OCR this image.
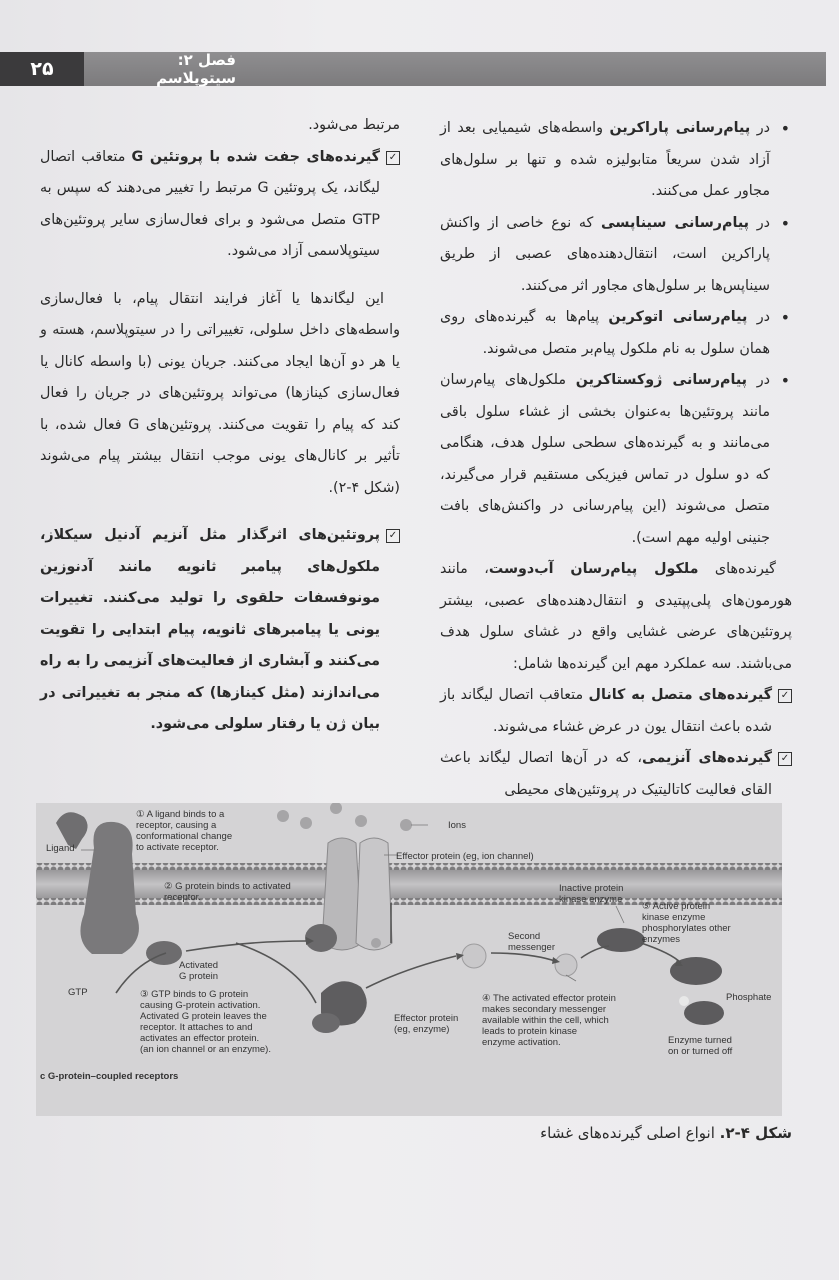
۲۵	فصل ۲: سیتوپلاسم

•
در پیام‌رسانی پاراکرین واسطه‌های شیمیایی بعد از آزاد شدن سریعاً متابولیزه شده و تنها بر سلول‌های مجاور عمل می‌کنند.

•
در پیام‌رسانی سیناپسی که نوع خاصی از واکنش پاراکرین است، انتقال‌دهنده‌های عصبی از طریق سیناپس‌ها بر سلول‌های مجاور اثر می‌کنند.

•
در پیام‌رسانی اتوکرین پیام‌ها به گیرنده‌های روی همان سلول به نام ملکول پیام‌بر متصل می‌شوند.

•
در پیام‌رسانی ژوکستاکرین ملکول‌های پیام‌رسان مانند پروتئین‌ها به‌عنوان بخشی از غشاء سلول باقی می‌مانند و به گیرنده‌های سطحی سلول هدف، هنگامی که دو سلول در تماس فیزیکی مستقیم قرار می‌گیرند، متصل می‌شوند (این پیام‌رسانی در واکنش‌های بافت جنینی اولیه مهم است).

گیرنده‌های ملکول پیام‌رسان آب‌دوست، مانند هورمون‌های پلی‌پپتیدی و انتقال‌دهنده‌های عصبی، بیشتر پروتئین‌های عرضی غشایی واقع در غشای سلول هدف می‌باشند. سه عملکرد مهم این گیرنده‌ها شامل:

✓
گیرنده‌های متصل به کانال متعاقب اتصال لیگاند باز شده باعث انتقال یون در عرض غشاء می‌شوند.

✓
گیرنده‌های آنزیمی، که در آن‌ها اتصال لیگاند باعث القای فعالیت کاتالیتیک در پروتئین‌های محیطی

مرتبط می‌شود.

✓
گیرنده‌های جفت شده با پروتئین G متعاقب اتصال لیگاند، یک پروتئین G مرتبط را تغییر می‌دهند که سپس به GTP متصل می‌شود و برای فعال‌سازی سایر پروتئین‌های سیتوپلاسمی آزاد می‌شود.

این لیگاندها یا آغاز فرایند انتقال پیام، با فعال‌سازی واسطه‌های داخل سلولی، تغییراتی را در سیتوپلاسم، هسته و یا هر دو آن‌ها ایجاد می‌کنند. جریان یونی (با واسطه کانال یا فعال‌سازی کینازها) می‌تواند پروتئین‌های در جریان را فعال کند که پیام را تقویت می‌کنند. پروتئین‌های G فعال شده، با تأثیر بر کانال‌های یونی موجب انتقال بیشتر پیام می‌شوند (شکل ۴-۲).

✓
پروتئین‌های اثرگذار مثل آنزیم آدنیل سیکلاز، ملکول‌های پیامبر ثانویه مانند آدنوزین مونوفسفات حلقوی را تولید می‌کنند. تغییرات یونی یا پیامبرهای ثانویه، پیام ابتدایی را تقویت می‌کنند و آبشاری از فعالیت‌های آنزیمی را به راه می‌اندازند (مثل کینازها) که منجر به تغییراتی در بیان ژن یا رفتار سلولی می‌شود.

Ligand
① A ligand binds to a
receptor, causing a
conformational change
to activate receptor.
Ions
Effector protein (eg, ion channel)
② G protein binds to activated
receptor.
Inactive protein
kinase enzyme
⑤ Active protein
kinase enzyme
phosphorylates other
enzymes
Second
messenger
Activated
G protein
GTP	③ GTP binds to G protein
causing G-protein activation.
Activated G protein leaves the
receptor. It attaches to and
activates an effector protein.
(an ion channel or an enzyme).
Effector protein
(eg, enzyme)
④ The activated effector protein
makes secondary messenger
available within the cell, which
leads to protein kinase
enzyme activation.
Phosphate
Enzyme turned
on or turned off
c G-protein–coupled receptors
شکل ۴-۲. انواع اصلی گیرنده‌های غشاء
